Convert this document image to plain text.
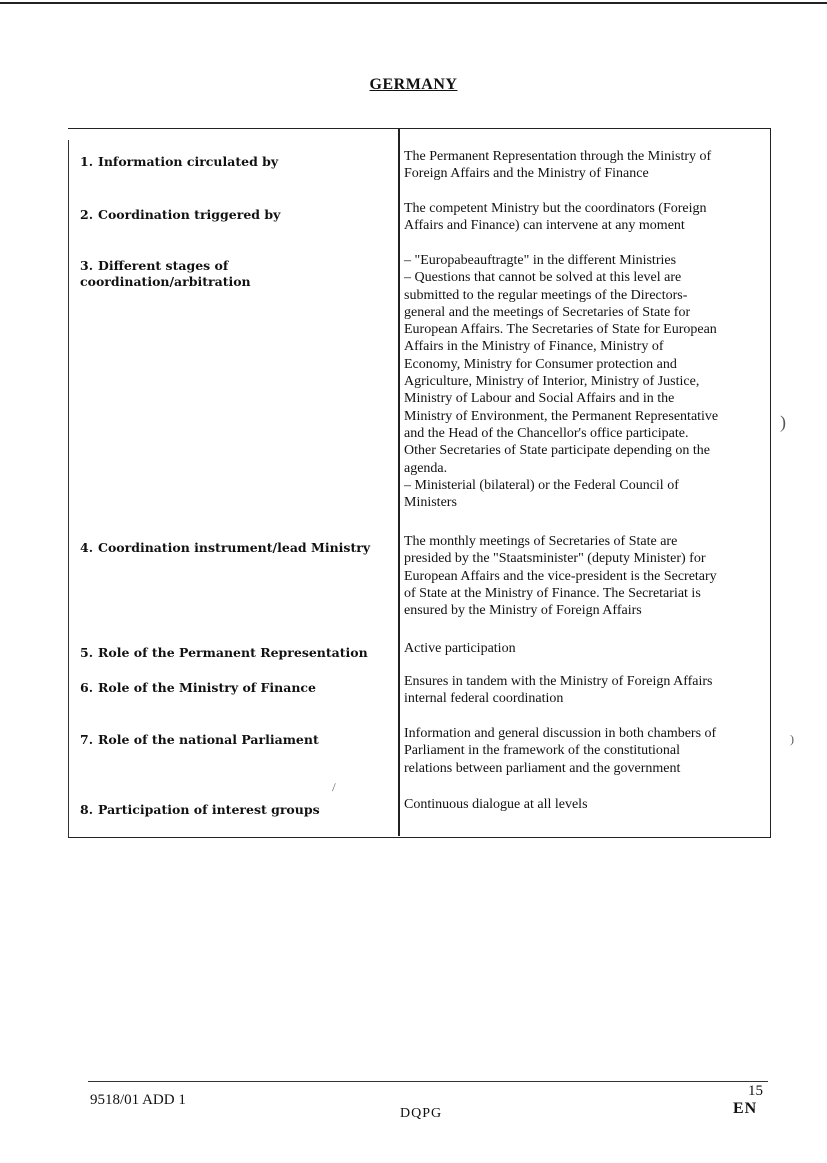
GERMANY
1. Information circulated by	The Permanent Representation through the Ministry of
Foreign Affairs and the Ministry of Finance
2. Coordination triggered by	The competent Ministry but the coordinators (Foreign
Affairs and Finance) can intervene at any moment
3. Different stages of coordination/arbitration
– "Europabeauftragte" in the different Ministries
– Questions that cannot be solved at this level are
submitted to the regular meetings of the Directors-
general and the meetings of Secretaries of State for
European Affairs. The Secretaries of State for European
Affairs in the Ministry of Finance, Ministry of
Economy, Ministry for Consumer protection and
Agriculture, Ministry of Interior, Ministry of Justice,
Ministry of Labour and Social Affairs and in the
Ministry of Environment, the Permanent Representative
and the Head of the Chancellor's office participate.
Other Secretaries of State participate depending on the
agenda.
– Ministerial (bilateral) or the Federal Council of
Ministers
4. Coordination instrument/lead Ministry	The monthly meetings of Secretaries of State are
presided by the "Staatsminister" (deputy Minister) for
European Affairs and the vice-president is the Secretary
of State at the Ministry of Finance. The Secretariat is
ensured by the Ministry of Foreign Affairs
5. Role of the Permanent Representation	Active participation
6. Role of the Ministry of Finance	Ensures in tandem with the Ministry of Foreign Affairs
internal federal coordination
7. Role of the national Parliament	Information and general discussion in both chambers of
Parliament in the framework of the constitutional
relations between parliament and the government
8. Participation of interest groups	Continuous dialogue at all levels
\
)
)
9518/01 ADD 1
DQPG
15
EN
